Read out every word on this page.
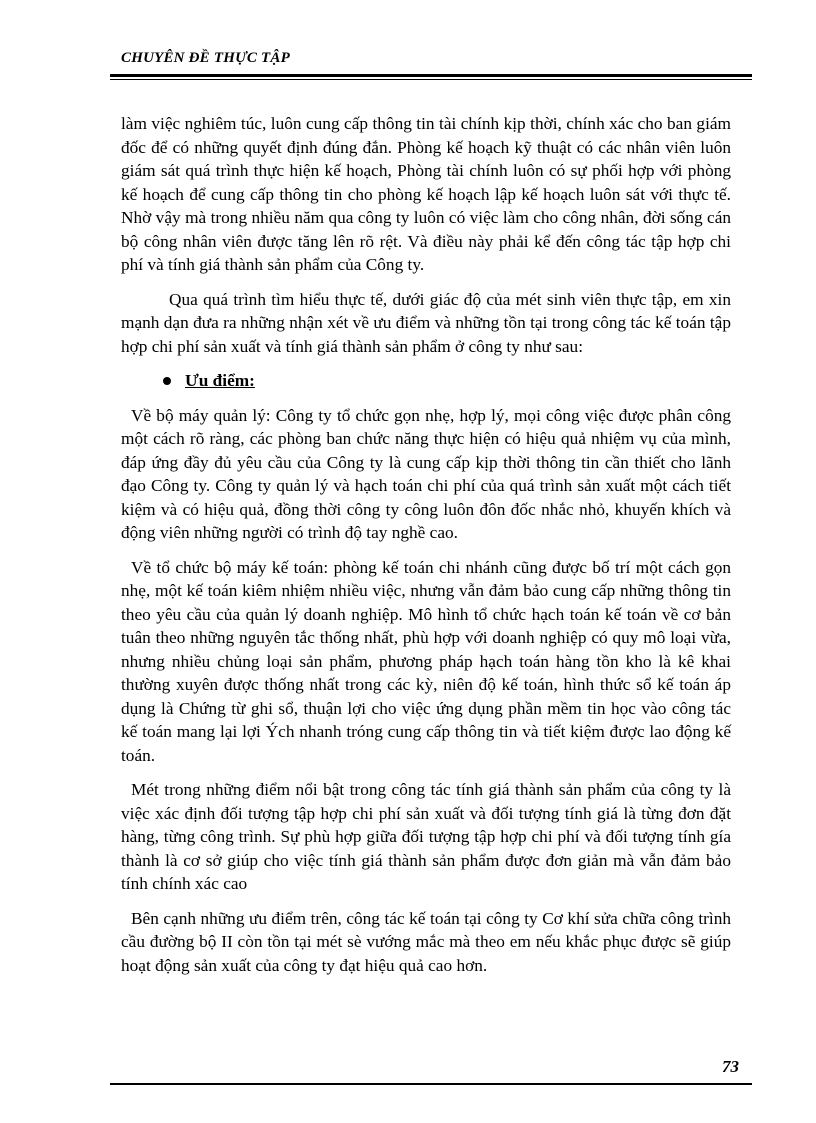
CHUYÊN ĐỀ THỰC TẬP

làm việc nghiêm túc, luôn cung cấp thông tin tài chính kịp thời, chính xác cho ban giám đốc để có những quyết định đúng đắn. Phòng kế hoạch kỹ thuật có các nhân viên luôn giám sát quá trình thực hiện kế hoạch, Phòng tài chính luôn có sự phối hợp với phòng kế hoạch để cung cấp thông tin cho phòng kế hoạch lập kế hoạch luôn sát với thực tế. Nhờ vậy mà trong nhiều năm qua công ty luôn có việc làm cho công nhân, đời sống cán bộ công nhân viên được tăng lên rõ rệt. Và điều này phải kể đến công tác tập hợp chi phí và tính giá thành sản phẩm của Công ty.

Qua quá trình tìm hiểu thực tế, dưới giác độ của mét sinh viên thực tập, em xin mạnh dạn đưa ra những nhận xét về ưu điểm và những tồn tại trong công tác kế toán tập hợp chi phí sản xuất và tính giá thành sản phẩm ở công ty như sau:

Ưu điểm:

Về bộ máy quản lý: Công ty tổ chức gọn nhẹ, hợp lý, mọi công việc được phân công một cách rõ ràng, các phòng ban chức năng thực hiện có hiệu quả nhiệm vụ của mình, đáp ứng đầy đủ yêu cầu của Công ty là cung cấp kịp thời thông tin cần thiết cho lãnh đạo Công ty. Công ty quản lý và hạch toán chi phí của quá trình sản xuất một cách tiết kiệm và có hiệu quả, đồng thời công ty công luôn đôn đốc nhắc nhỏ, khuyến khích và động viên những người có trình độ tay nghề cao.

Về tổ chức bộ máy kế toán: phòng kế toán chi nhánh cũng được bố trí một cách gọn nhẹ, một kế toán kiêm nhiệm nhiều việc, nhưng vẫn đảm bảo cung cấp những thông tin theo yêu cầu của quản lý doanh nghiệp. Mô hình tổ chức hạch toán kế toán về cơ bản tuân theo những nguyên tắc thống nhất, phù hợp với doanh nghiệp có quy mô loại vừa, nhưng nhiều chủng loại sản phẩm, phương pháp hạch toán hàng tồn kho là kê khai thường xuyên được thống nhất trong các kỳ, niên độ kế toán, hình thức sổ kế toán áp dụng là Chứng từ ghi sổ, thuận lợi cho việc ứng dụng phần mềm tin học vào công tác kế toán mang lại lợi Ých nhanh tróng cung cấp thông tin và tiết kiệm được lao động kế toán.

Mét trong những điểm nổi bật trong công tác tính giá thành sản phẩm của công ty là việc xác định đối tượng tập hợp chi phí sản xuất và đối tượng tính giá là từng đơn đặt hàng, từng công trình. Sự phù hợp giữa đối tượng tập hợp chi phí và đối tượng tính gía thành là cơ sở giúp cho việc tính giá thành sản phẩm được đơn giản mà vẫn đảm bảo tính chính xác cao

Bên cạnh những ưu điểm trên, công tác kế toán tại công ty Cơ khí sửa chữa công trình cầu đường bộ II còn tồn tại mét sè vướng mắc mà theo em nếu khắc phục được sẽ giúp hoạt động sản xuất của công ty đạt hiệu quả cao hơn.

73
